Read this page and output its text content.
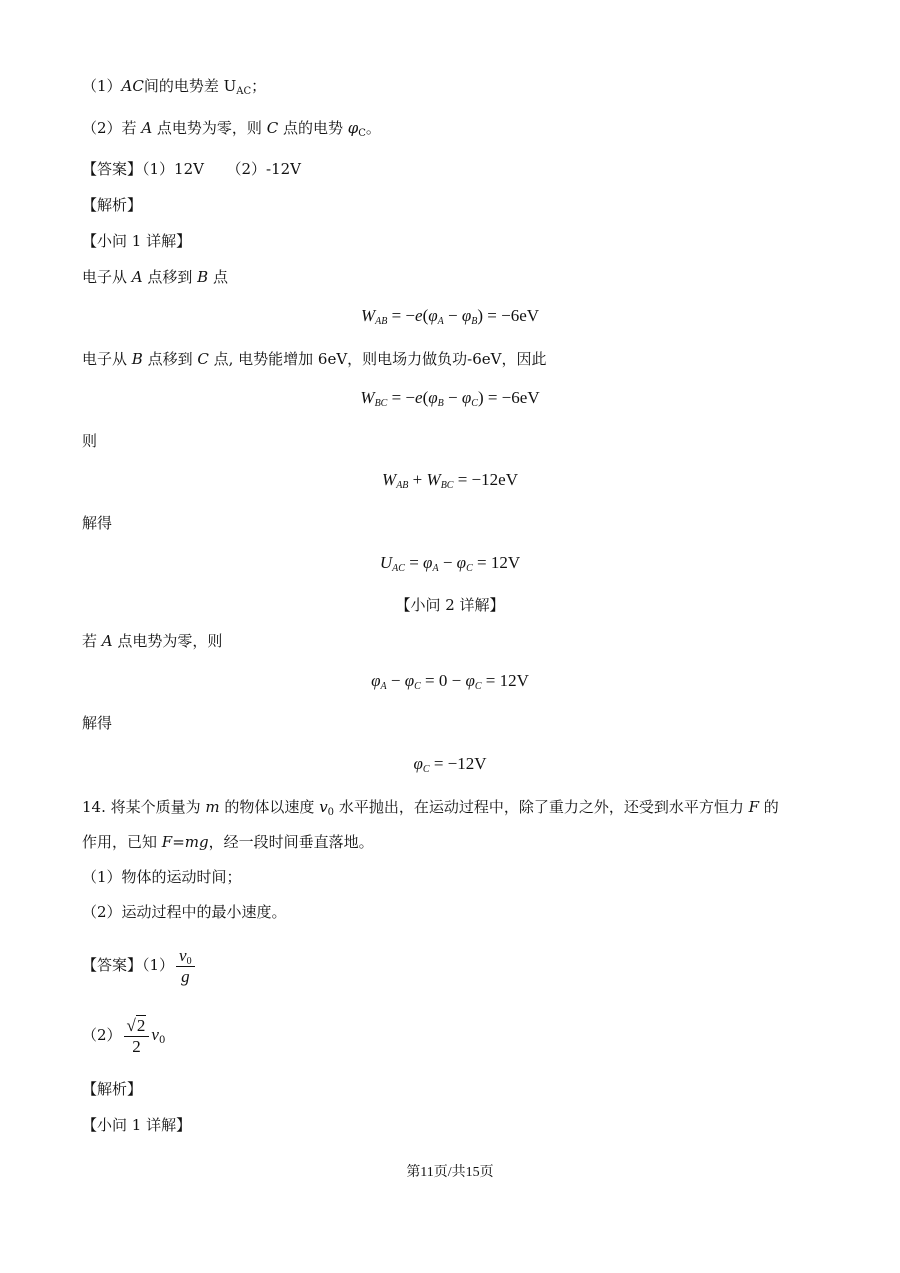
（1）AC间的电势差 $U_{AC}$；
（2）若 A 点电势为零，则 C 点的电势 $\varphi_C$。
【答案】（1）12V　　（2）-12V
【解析】
【小问 1 详解】
电子从 A 点移到 B 点
$W_{AB} = -e(\varphi_A - \varphi_B) = -6eV$
电子从 B 点移到 C 点, 电势能增加 6eV，则电场力做负功-6eV，因此
$W_{BC} = -e(\varphi_B - \varphi_C) = -6eV$
则
$W_{AB} + W_{BC} = -12eV$
解得
$U_{AC} = \varphi_A - \varphi_C = 12V$
【小问 2 详解】
若 A 点电势为零，则
$\varphi_A - \varphi_C = 0 - \varphi_C = 12V$
解得
$\varphi_C = -12V$
14. 将某个质量为 m 的物体以速度 $v_0$ 水平抛出，在运动过程中，除了重力之外，还受到水平方恒力 F 的
作用，已知 F=mg，经一段时间垂直落地。
（1）物体的运动时间；
（2）运动过程中的最小速度。
【答案】$(1) \frac{v_0}{g}$
$(2) \frac{√2}{2} v_0$
【解析】
【小问 1 详解】
第11页/共15页
